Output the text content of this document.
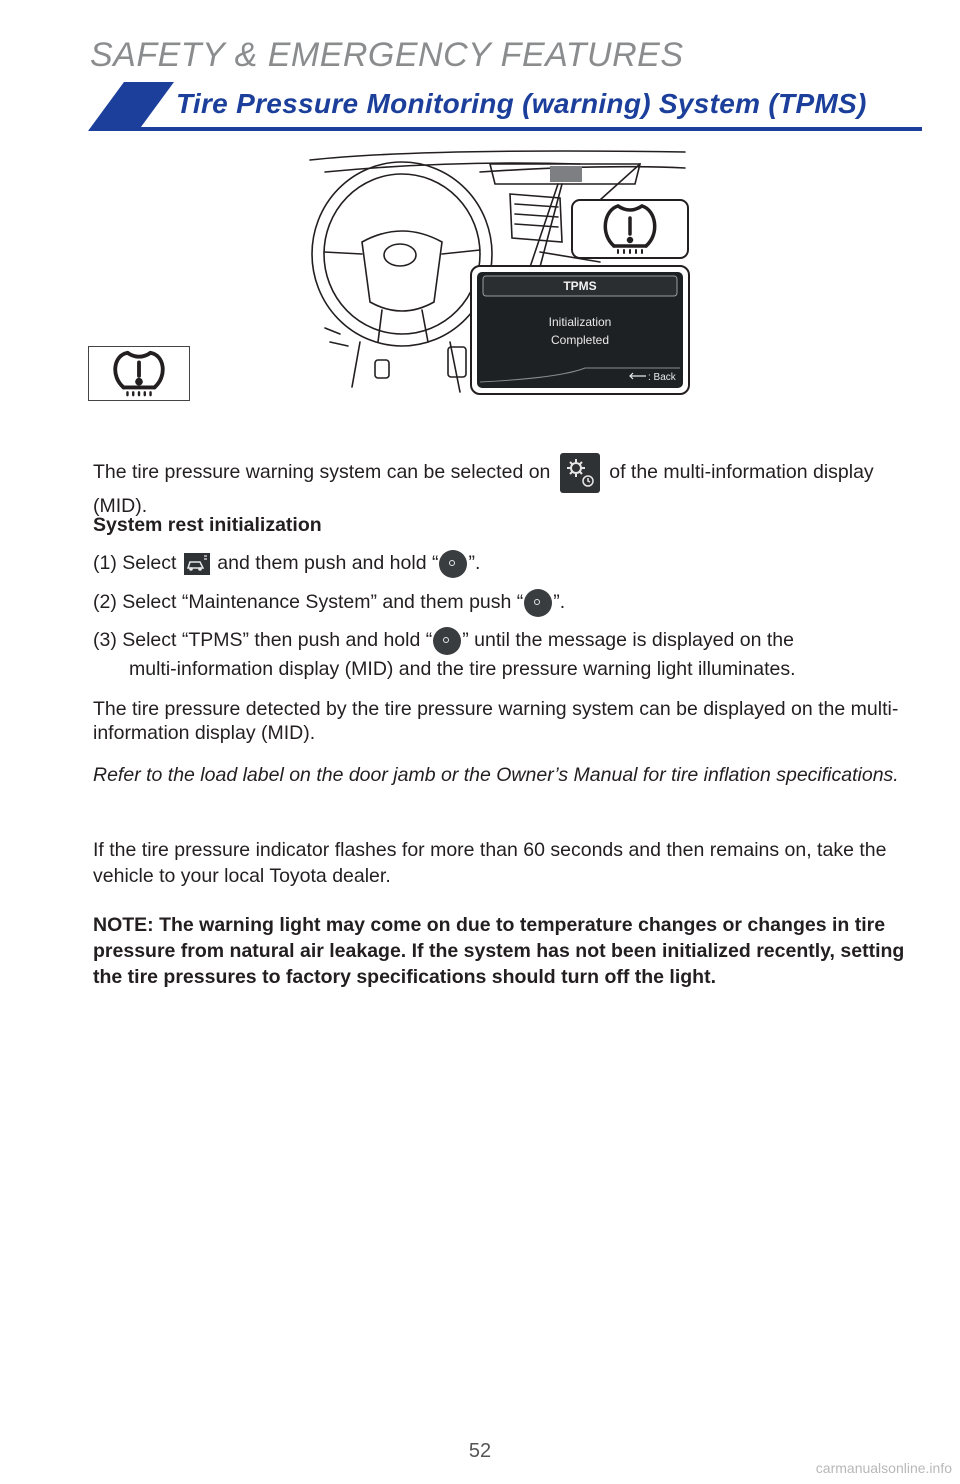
SAFETY & EMERGENCY FEATURES
Tire Pressure Monitoring (warning) System (TPMS)
TPMS
Initialization
Completed
: Back

The tire pressure warning system can be selected on  of the multi-information display (MID).

System rest initialization

(1) Select  and them push and hold “ ”.

(2) Select “Maintenance System” and them push “ ”.

(3) Select “TPMS” then push and hold “ ” until the message is displayed on the
multi-information display (MID) and the tire pressure warning light illuminates.

The tire pressure detected by the tire pressure warning system can be displayed on the multi-information display (MID).

Refer to the load label on the door jamb or the Owner’s Manual for tire inflation specifications.

If the tire pressure indicator flashes for more than 60 seconds and then remains on, take the vehicle to your local Toyota dealer.

NOTE: The warning light may come on due to temperature changes or changes in tire pressure from natural air leakage. If the system has not been initialized recently, setting the tire pressures to factory specifications should turn off the light.

52
carmanualsonline.info
